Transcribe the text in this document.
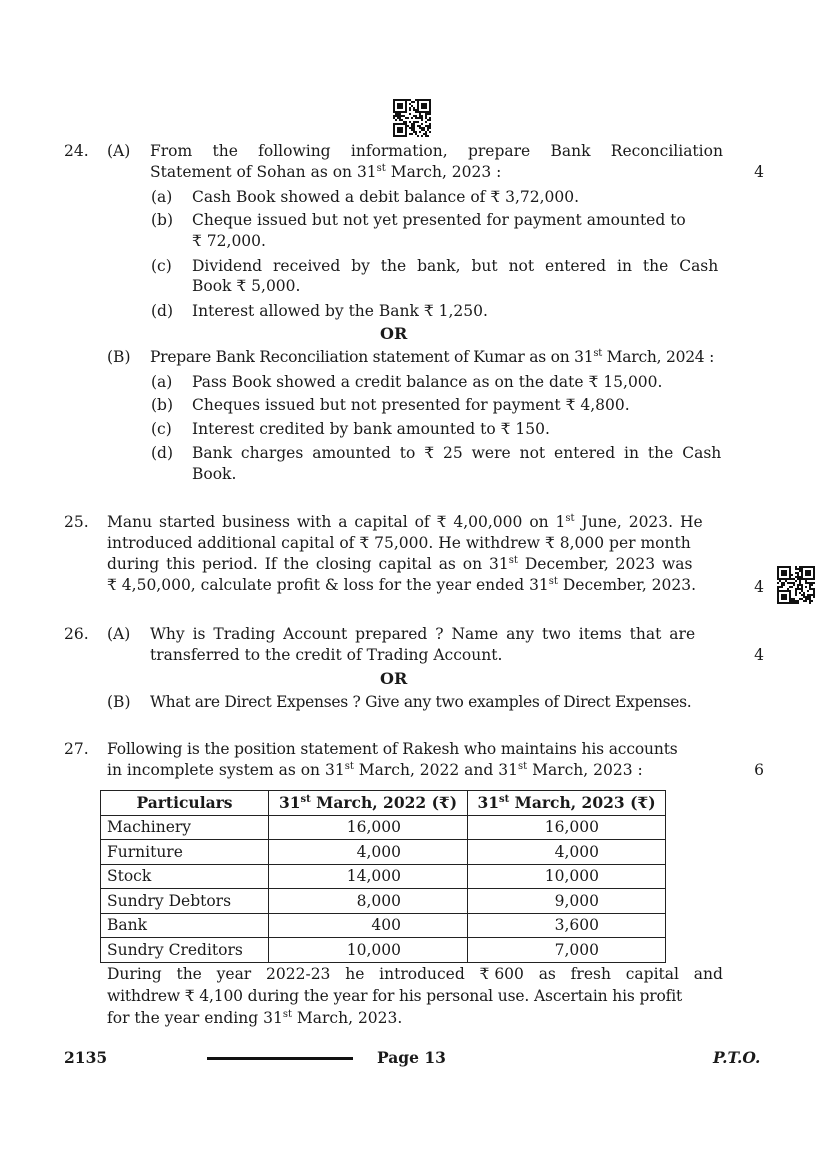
24. (A) From the following information, prepare Bank Reconciliation
Statement of Sohan as on 31st March, 2023 :	4
(a) Cash Book showed a debit balance of ₹ 3,72,000.
(b) Cheque issued but not yet presented for payment amounted to
₹ 72,000.
(c) Dividend received by the bank, but not entered in the Cash
Book ₹ 5,000.
(d) Interest allowed by the Bank ₹ 1,250.
OR
(B) Prepare Bank Reconciliation statement of Kumar as on 31st March, 2024 :
(a) Pass Book showed a credit balance as on the date ₹ 15,000.
(b) Cheques issued but not presented for payment ₹ 4,800.
(c) Interest credited by bank amounted to ₹ 150.
(d) Bank charges amounted to ₹ 25 were not entered in the Cash
Book.
25. Manu started business with a capital of ₹ 4,00,000 on 1st June, 2023. He
introduced additional capital of ₹ 75,000. He withdrew ₹ 8,000 per month
during this period. If the closing capital as on 31st December, 2023 was
₹ 4,50,000, calculate profit & loss for the year ended 31st December, 2023.	4
26. (A) Why is Trading Account prepared ? Name any two items that are
transferred to the credit of Trading Account.	4
OR
(B) What are Direct Expenses ? Give any two examples of Direct Expenses.
27. Following is the position statement of Rakesh who maintains his accounts
in incomplete system as on 31st March, 2022 and 31st March, 2023 :	6
Particulars	31st March, 2022 (₹)	31st March, 2023 (₹)
Machinery	16,000	16,000
Furniture	4,000	4,000
Stock	14,000	10,000
Sundry Debtors	8,000	9,000
Bank	400	3,600
Sundry Creditors	10,000	7,000
During the year 2022-23 he introduced ₹ 600 as fresh capital and
withdrew ₹ 4,100 during the year for his personal use. Ascertain his profit
for the year ending 31st March, 2023.
2135	Page 13	P.T.O.
